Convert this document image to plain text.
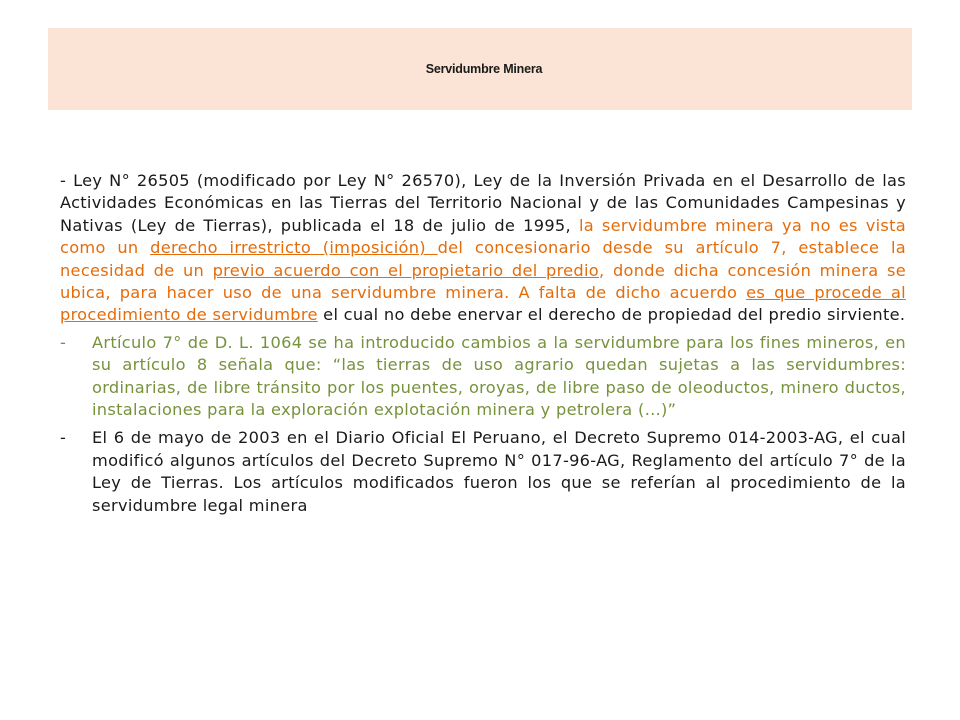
Servidumbre Minera

- Ley N° 26505 (modificado por Ley N° 26570), Ley de la Inversión Privada en el Desarrollo de las Actividades Económicas en las Tierras del Territorio Nacional y de las Comunidades Campesinas y Nativas (Ley de Tierras), publicada el 18 de julio de 1995, la servidumbre minera ya no es vista como un derecho irrestricto (imposición) del concesionario desde su artículo 7, establece la necesidad de un previo acuerdo con el propietario del predio, donde dicha concesión minera se ubica, para hacer uso de una servidumbre minera. A falta de dicho acuerdo es que procede al procedimiento de servidumbre el cual no debe enervar el derecho de propiedad del predio sirviente.

- Artículo 7° de D. L. 1064 se ha introducido cambios a la servidumbre para los fines mineros, en su artículo 8 señala que: “las tierras de uso agrario quedan sujetas a las servidumbres: ordinarias, de libre tránsito por los puentes, oroyas, de libre paso de oleoductos, minero ductos, instalaciones para la exploración explotación minera y petrolera (…)”
- El 6 de mayo de 2003 en el Diario Oficial El Peruano, el Decreto Supremo 014-2003-AG, el cual modificó algunos artículos del Decreto Supremo N° 017-96-AG, Reglamento del artículo 7° de la Ley de Tierras. Los artículos modificados fueron los que se referían al procedimiento de la servidumbre legal minera
